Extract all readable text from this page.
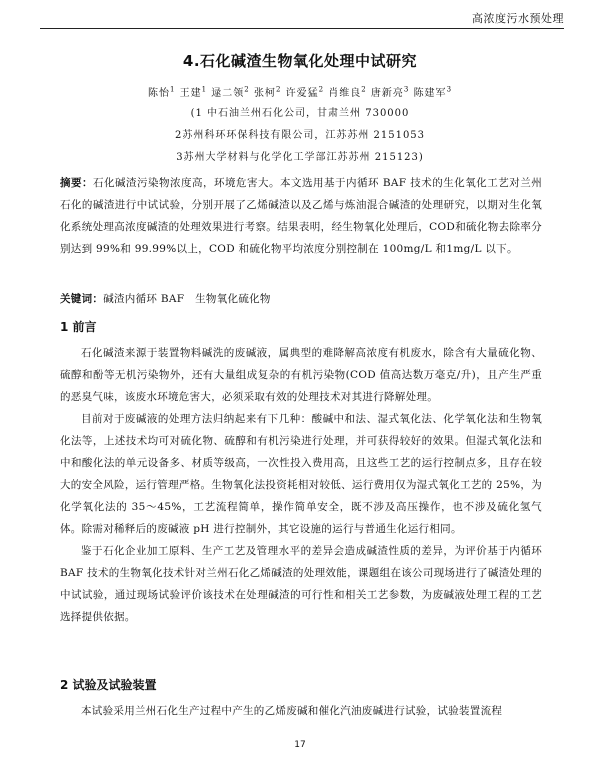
高浓度污水预处理
4.石化碱渣生物氧化处理中试研究
陈怡$^1$ 王建$^1$ 逯二领$^2$ 张柯$^2$ 许爱猛$^2$ 肖维良$^2$ 唐新亮$^3$ 陈建军$^3$
(1 中石油兰州石化公司，甘肃兰州 730000
2苏州科环环保科技有限公司，江苏苏州 2151053
3苏州大学材料与化学化工学部江苏苏州 215123)
摘要：石化碱渣污染物浓度高，环境危害大。本文选用基于内循环 BAF 技术的生化氧化工艺对兰州石化的碱渣进行中试试验，分别开展了乙烯碱渣以及乙烯与炼油混合碱渣的处理研究，以期对生化氧化系统处理高浓度碱渣的处理效果进行考察。结果表明，经生物氧化处理后，COD和硫化物去除率分别达到 99%和 99.99%以上，COD 和硫化物平均浓度分别控制在 100mg/L 和1mg/L 以下。
关键词：碱渣内循环 BAF　生物氧化硫化物
1 前言

石化碱渣来源于装置物料碱洗的废碱液，属典型的难降解高浓度有机废水，除含有大量硫化物、硫醇和酚等无机污染物外，还有大量组成复杂的有机污染物(COD 值高达数万毫克/升)，且产生严重的恶臭气味，该废水环境危害大，必须采取有效的处理技术对其进行降解处理。

目前对于废碱液的处理方法归纳起来有下几种：酸碱中和法、湿式氧化法、化学氧化法和生物氧化法等，上述技术均可对硫化物、硫醇和有机污染进行处理，并可获得较好的效果。但湿式氧化法和中和酸化法的单元设备多、材质等级高，一次性投入费用高，且这些工艺的运行控制点多，且存在较大的安全风险，运行管理严格。生物氧化法投资耗相对较低、运行费用仅为湿式氧化工艺的 25%，为化学氧化法的 35～45%，工艺流程简单，操作简单安全，既不涉及高压操作，也不涉及硫化氢气体。除需对稀释后的废碱液 pH 进行控制外，其它设施的运行与普通生化运行相同。

鉴于石化企业加工原料、生产工艺及管理水平的差异会造成碱渣性质的差异，为评价基于内循环 BAF 技术的生物氧化技术针对兰州石化乙烯碱渣的处理效能，课题组在该公司现场进行了碱渣处理的中试试验，通过现场试验评价该技术在处理碱渣的可行性和相关工艺参数，为废碱液处理工程的工艺选择提供依据。

2 试验及试验装置

本试验采用兰州石化生产过程中产生的乙烯废碱和催化汽油废碱进行试验，试验装置流程

17
